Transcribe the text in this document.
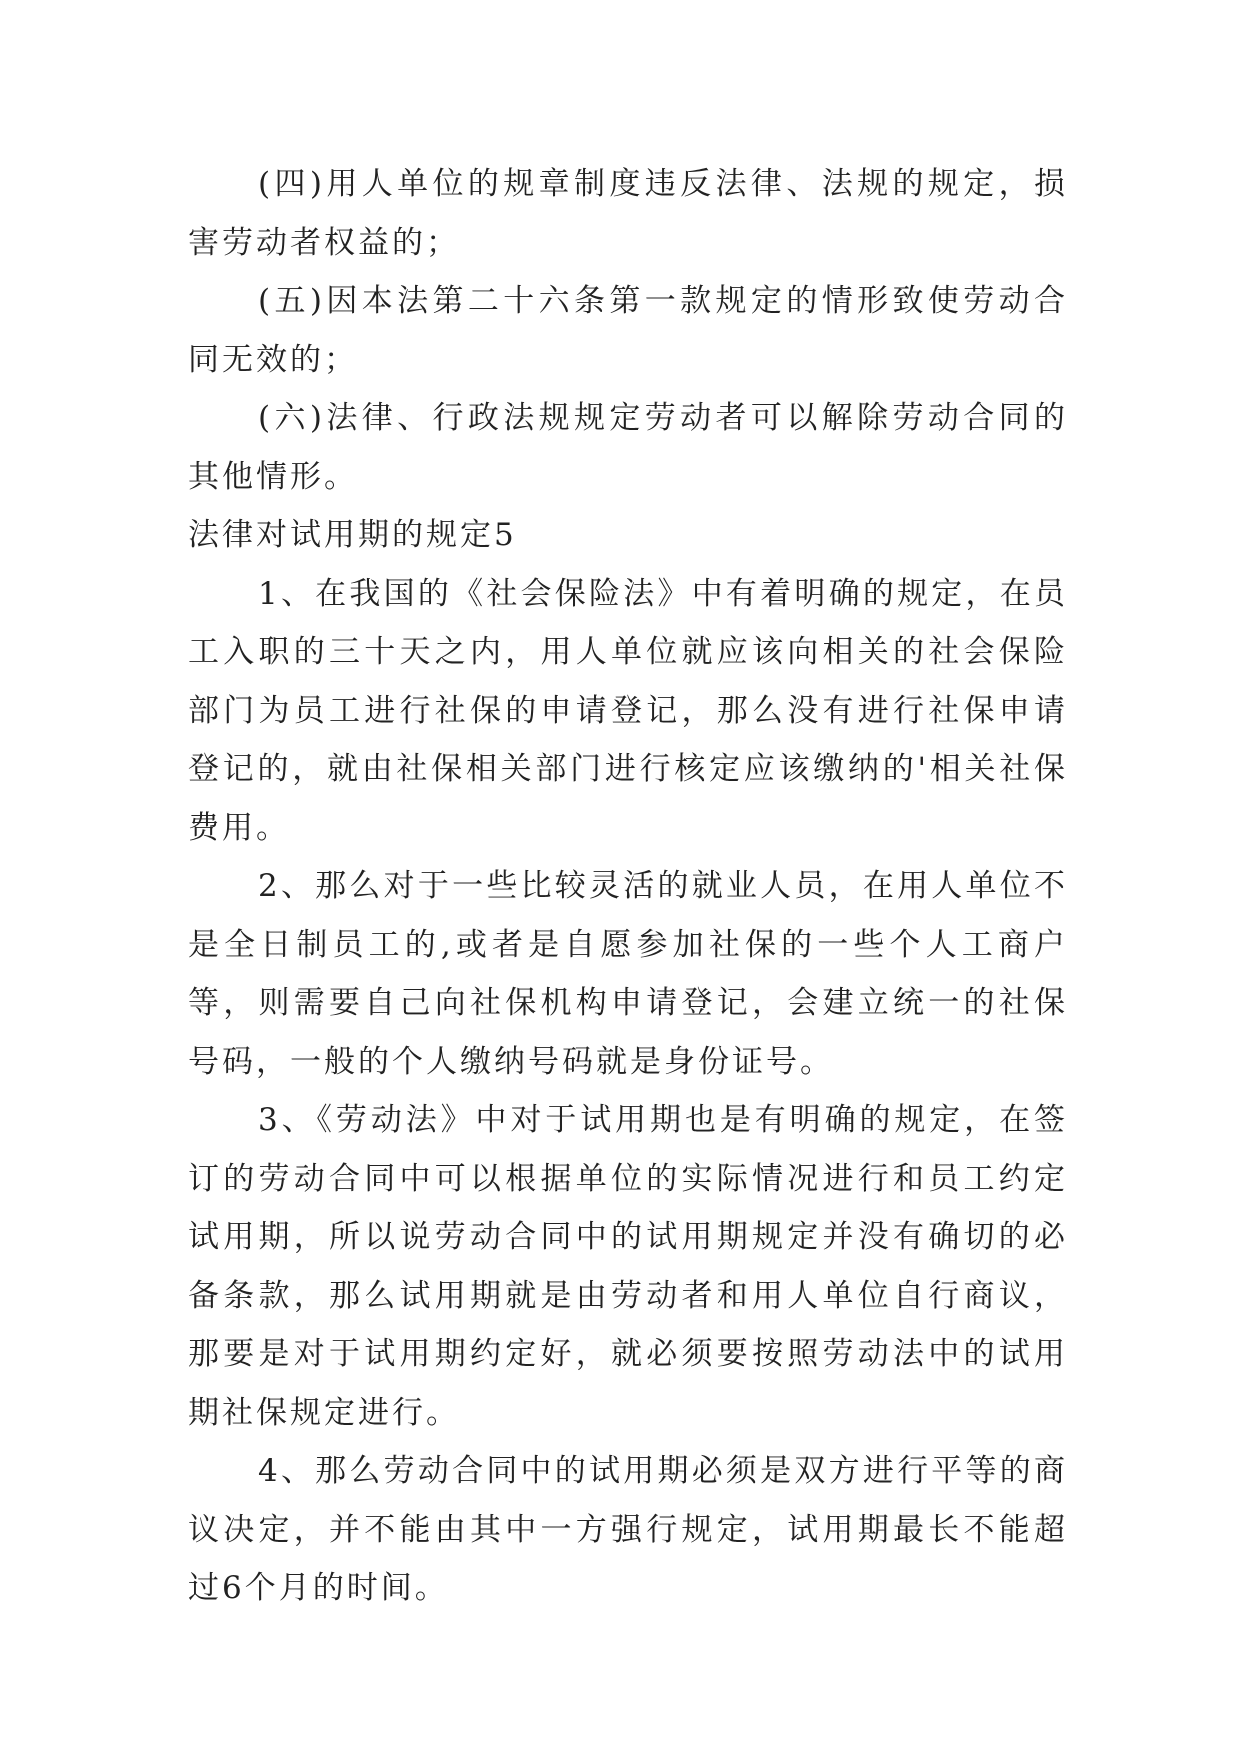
(四)用人单位的规章制度违反法律、法规的规定，损害劳动者权益的；

(五)因本法第二十六条第一款规定的情形致使劳动合同无效的；

(六)法律、行政法规规定劳动者可以解除劳动合同的其他情形。

法律对试用期的规定5

1、在我国的《社会保险法》中有着明确的规定，在员工入职的三十天之内，用人单位就应该向相关的社会保险部门为员工进行社保的申请登记，那么没有进行社保申请登记的，就由社保相关部门进行核定应该缴纳的'相关社保费用。

2、那么对于一些比较灵活的就业人员，在用人单位不是全日制员工的,或者是自愿参加社保的一些个人工商户等，则需要自己向社保机构申请登记，会建立统一的社保号码，一般的个人缴纳号码就是身份证号。

3、《劳动法》中对于试用期也是有明确的规定，在签订的劳动合同中可以根据单位的实际情况进行和员工约定试用期，所以说劳动合同中的试用期规定并没有确切的必备条款，那么试用期就是由劳动者和用人单位自行商议，那要是对于试用期约定好，就必须要按照劳动法中的试用期社保规定进行。

4、那么劳动合同中的试用期必须是双方进行平等的商议决定，并不能由其中一方强行规定，试用期最长不能超过6个月的时间。
